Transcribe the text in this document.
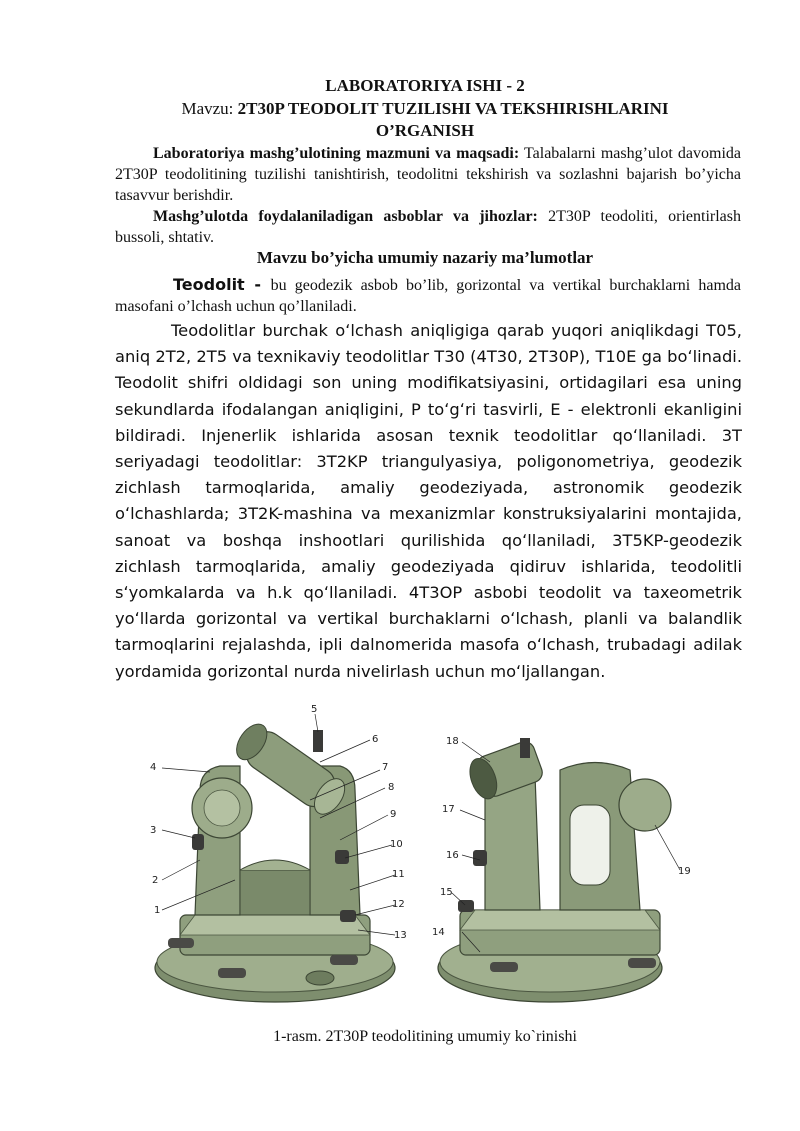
LABORATORIYA ISHI - 2
Mavzu: 2T30P TEODOLIT TUZILISHI VA TEKSHIRISHLARINI
O’RGANISH
Laboratoriya mashg’ulotining mazmuni va maqsadi: Talabalarni mashg’ulot davomida 2T30P teodolitining tuzilishi tanishtirish, teodolitni tekshirish va sozlashni bajarish bo’yicha tasavvur berishdir.
Mashg’ulotda foydalaniladigan asboblar va jihozlar: 2T30P teodoliti, orientirlash bussoli, shtativ.
Mavzu bo’yicha umumiy nazariy ma’lumotlar
Teodolit - bu geodezik asbob bo’lib, gorizontal va vertikal burchaklarni hamda masofani o’lchash uchun qo’llaniladi.
Teodolitlar burchak oʻlchash aniqligiga qarab yuqori aniqlikdagi T05, aniq 2T2, 2T5 va texnikaviy teodolitlar T30 (4T30, 2T30P), T10E ga boʻlinadi. Teodolit shifri oldidagi son uning modifikatsiyasini, ortidagilari esa uning sekundlarda ifodalangan aniqligini, P toʻgʻri tasvirli, E - elektronli ekanligini bildiradi. Injenerlik ishlarida asosan texnik teodolitlar qoʻllaniladi. 3T seriyadagi teodolitlar: 3T2KP triangulyasiya, poligonometriya, geodezik zichlash tarmoqlarida, amaliy geodeziyada, astronomik geodezik oʻlchashlarda; 3T2K-mashina va mexanizmlar konstruksiyalarini montajida, sanoat va boshqa inshootlari qurilishida qoʻllaniladi, 3T5KP-geodezik zichlash tarmoqlarida, amaliy geodeziyada qidiruv ishlarida, teodolitli sʻyomkalarda va h.k qoʻllaniladi. 4T3OP asbobi teodolit va taxeometrik yoʻllarda gorizontal va vertikal burchaklarni oʻlchash, planli va balandlik tarmoqlarini rejalashda, ipli dalnomerida masofa oʻlchash, trubadagi adilak yordamida gorizontal nurda nivelirlash uchun moʻljallangan.
1
2
3
4
5
6
7
8
9
10
11
12
13	14
15
16
17
18
19
1-rasm. 2T30P teodolitining umumiy ko`rinishi
